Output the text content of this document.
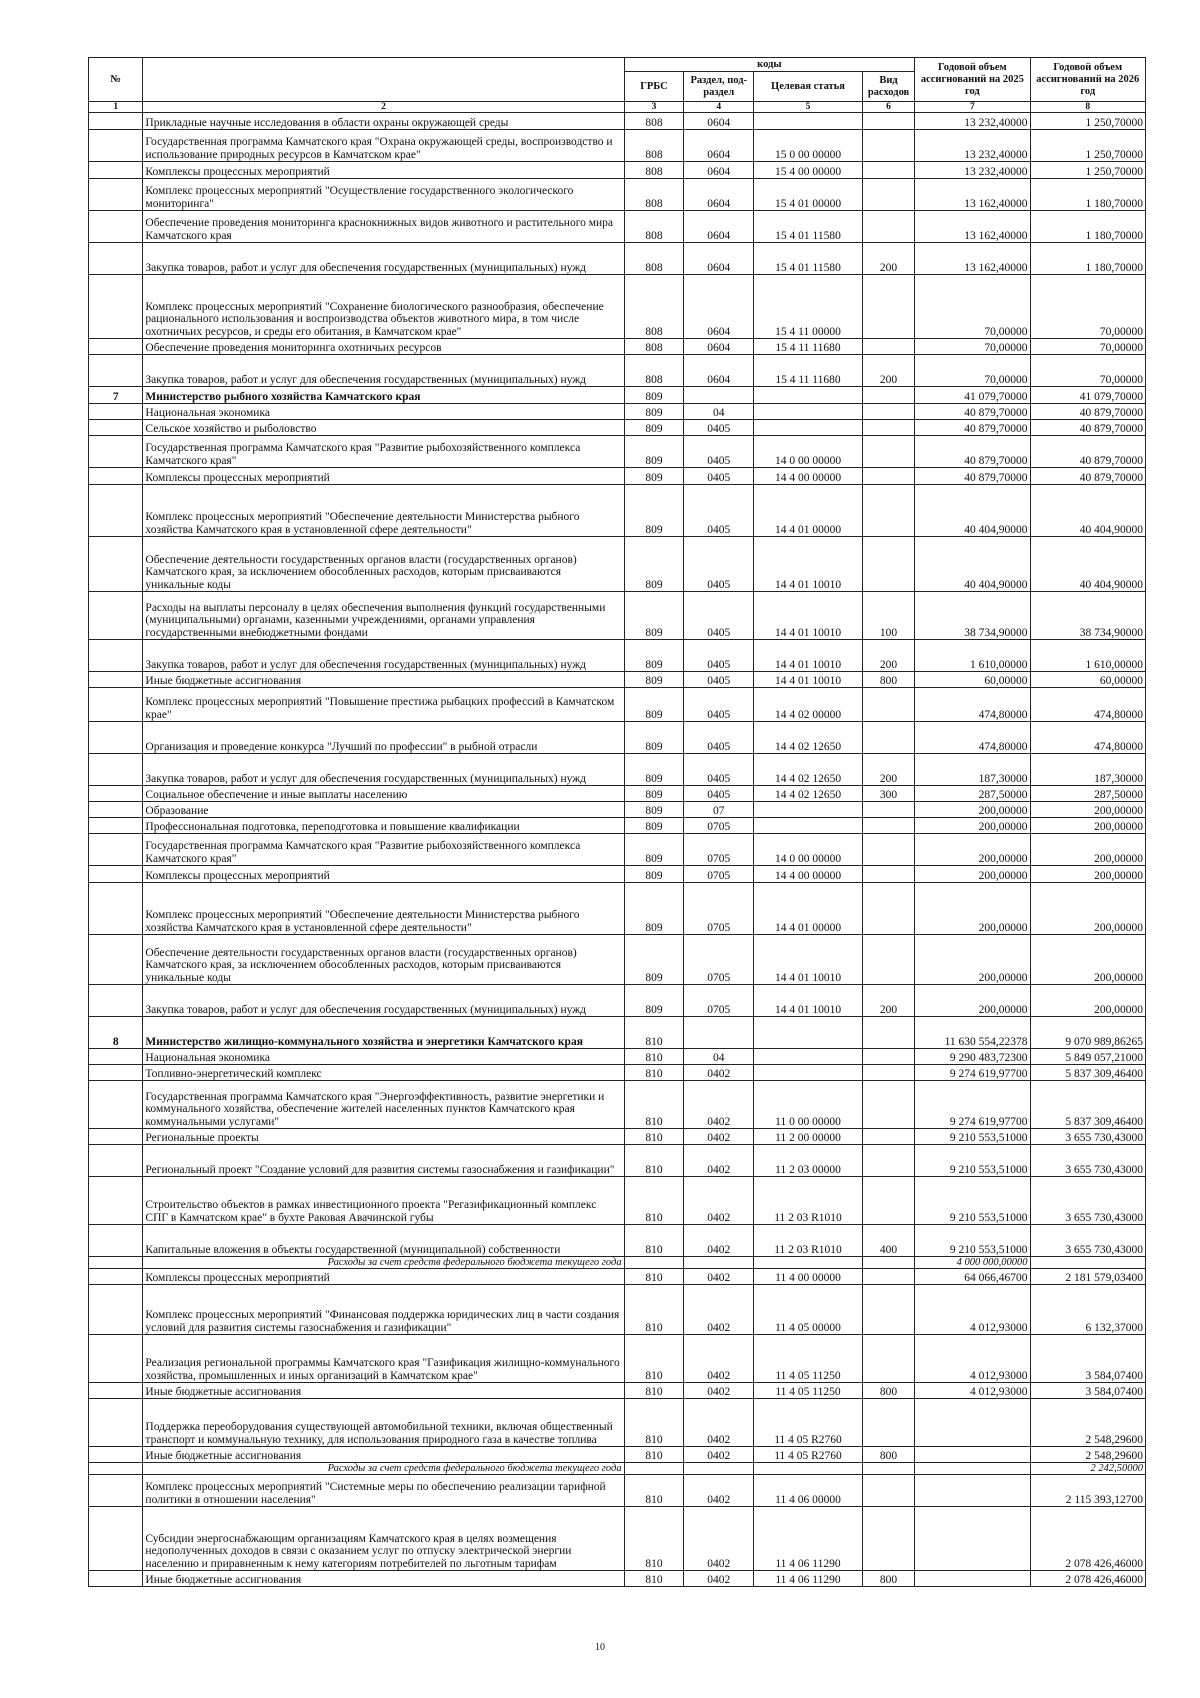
№		коды				Годовой объем ассигнований на 2025 год	Годовой объем ассигнований на 2026 год
		ГРБС	Раздел, под-раздел	Целевая статья	Вид расходов		
1	2	3	4	5	6	7	8
	Прикладные научные исследования в области охраны окружающей среды	808	0604			13 232,40000	1 250,70000
	Государственная программа Камчатского края "Охрана окружающей среды, воспроизводство и использование природных ресурсов в Камчатском крае"	808	0604	15 0 00 00000		13 232,40000	1 250,70000
	Комплексы процессных мероприятий	808	0604	15 4 00 00000		13 232,40000	1 250,70000
	Комплекс процессных мероприятий "Осуществление государственного экологического мониторинга"	808	0604	15 4 01 00000		13 162,40000	1 180,70000
	Обеспечение проведения мониторинга краснокнижных видов животного и растительного мира Камчатского края	808	0604	15 4 01 11580		13 162,40000	1 180,70000
	Закупка товаров, работ и услуг для обеспечения государственных (муниципальных) нужд	808	0604	15 4 01 11580	200	13 162,40000	1 180,70000
	Комплекс процессных мероприятий "Сохранение биологического разнообразия, обеспечение рационального использования и воспроизводства объектов животного мира, в том числе охотничьих ресурсов, и среды его обитания, в Камчатском крае"	808	0604	15 4 11 00000		70,00000	70,00000
	Обеспечение проведения мониторинга охотничьих ресурсов	808	0604	15 4 11 11680		70,00000	70,00000
	Закупка товаров, работ и услуг для обеспечения государственных (муниципальных) нужд	808	0604	15 4 11 11680	200	70,00000	70,00000
7	Министерство рыбного хозяйства Камчатского края	809				41 079,70000	41 079,70000
	Национальная экономика	809	04			40 879,70000	40 879,70000
	Сельское хозяйство и рыболовство	809	0405			40 879,70000	40 879,70000
	Государственная программа Камчатского края "Развитие рыбохозяйственного комплекса Камчатского края"	809	0405	14 0 00 00000		40 879,70000	40 879,70000
	Комплексы процессных мероприятий	809	0405	14 4 00 00000		40 879,70000	40 879,70000
	Комплекс процессных мероприятий "Обеспечение деятельности Министерства рыбного хозяйства Камчатского края в установленной сфере деятельности"	809	0405	14 4 01 00000		40 404,90000	40 404,90000
	Обеспечение деятельности государственных органов власти (государственных органов) Камчатского края, за исключением обособленных расходов, которым присваиваются уникальные коды	809	0405	14 4 01 10010		40 404,90000	40 404,90000
	Расходы на выплаты персоналу в целях обеспечения выполнения функций государственными (муниципальными) органами, казенными учреждениями, органами управления государственными внебюджетными фондами	809	0405	14 4 01 10010	100	38 734,90000	38 734,90000
	Закупка товаров, работ и услуг для обеспечения государственных (муниципальных) нужд	809	0405	14 4 01 10010	200	1 610,00000	1 610,00000
	Иные бюджетные ассигнования	809	0405	14 4 01 10010	800	60,00000	60,00000
	Комплекс процессных мероприятий "Повышение престижа рыбацких профессий в Камчатском крае"	809	0405	14 4 02 00000		474,80000	474,80000
	Организация и проведение конкурса "Лучший по профессии" в рыбной отрасли	809	0405	14 4 02 12650		474,80000	474,80000
	Закупка товаров, работ и услуг для обеспечения государственных (муниципальных) нужд	809	0405	14 4 02 12650	200	187,30000	187,30000
	Социальное обеспечение и иные выплаты населению	809	0405	14 4 02 12650	300	287,50000	287,50000
	Образование	809	07			200,00000	200,00000
	Профессиональная подготовка, переподготовка и повышение квалификации	809	0705			200,00000	200,00000
	Государственная программа Камчатского края "Развитие рыбохозяйственного комплекса Камчатского края"	809	0705	14 0 00 00000		200,00000	200,00000
	Комплексы процессных мероприятий	809	0705	14 4 00 00000		200,00000	200,00000
	Комплекс процессных мероприятий "Обеспечение деятельности Министерства рыбного хозяйства Камчатского края в установленной сфере деятельности"	809	0705	14 4 01 00000		200,00000	200,00000
	Обеспечение деятельности государственных органов власти (государственных органов) Камчатского края, за исключением обособленных расходов, которым присваиваются уникальные коды	809	0705	14 4 01 10010		200,00000	200,00000
	Закупка товаров, работ и услуг для обеспечения государственных (муниципальных) нужд	809	0705	14 4 01 10010	200	200,00000	200,00000
8	Министерство жилищно-коммунального хозяйства и энергетики Камчатского края	810				11 630 554,22378	9 070 989,86265
	Национальная экономика	810	04			9 290 483,72300	5 849 057,21000
	Топливно-энергетический комплекс	810	0402			9 274 619,97700	5 837 309,46400
	Государственная программа Камчатского края "Энергоэффективность, развитие энергетики и коммунального хозяйства, обеспечение жителей населенных пунктов Камчатского края коммунальными услугами"	810	0402	11 0 00 00000		9 274 619,97700	5 837 309,46400
	Региональные проекты	810	0402	11 2 00 00000		9 210 553,51000	3 655 730,43000
	Региональный проект "Создание условий для развития системы газоснабжения и газификации"	810	0402	11 2 03 00000		9 210 553,51000	3 655 730,43000
	Строительство объектов в рамках инвестиционного проекта "Регазификационный комплекс СПГ в Камчатском крае" в бухте Раковая Авачинской губы	810	0402	11 2 03 R1010		9 210 553,51000	3 655 730,43000
	Капитальные вложения в объекты государственной (муниципальной) собственности	810	0402	11 2 03 R1010	400	9 210 553,51000	3 655 730,43000
	Расходы за счет средств федерального бюджета текущего года					4 000 000,00000	
	Комплексы процессных мероприятий	810	0402	11 4 00 00000		64 066,46700	2 181 579,03400
	Комплекс процессных мероприятий "Финансовая поддержка юридических лиц в части создания условий для развития системы газоснабжения и газификации"	810	0402	11 4 05 00000		4 012,93000	6 132,37000
	Реализация региональной программы Камчатского края "Газификация жилищно-коммунального хозяйства, промышленных и иных организаций в Камчатском крае"	810	0402	11 4 05 11250		4 012,93000	3 584,07400
	Иные бюджетные ассигнования	810	0402	11 4 05 11250	800	4 012,93000	3 584,07400
	Поддержка переоборудования существующей автомобильной техники, включая общественный транспорт и коммунальную технику, для использования природного газа в качестве топлива	810	0402	11 4 05 R2760			2 548,29600
	Иные бюджетные ассигнования	810	0402	11 4 05 R2760	800		2 548,29600
	Расходы за счет средств федерального бюджета текущего года						2 242,50000
	Комплекс процессных мероприятий "Системные меры по обеспечению реализации тарифной политики в отношении населения"	810	0402	11 4 06 00000			2 115 393,12700
	Субсидии энергоснабжающим организациям Камчатского края в целях возмещения недополученных доходов в связи с оказанием услуг по отпуску электрической энергии населению и приравненным к нему категориям потребителей по льготным тарифам	810	0402	11 4 06 11290			2 078 426,46000
	Иные бюджетные ассигнования	810	0402	11 4 06 11290	800		2 078 426,46000
10
